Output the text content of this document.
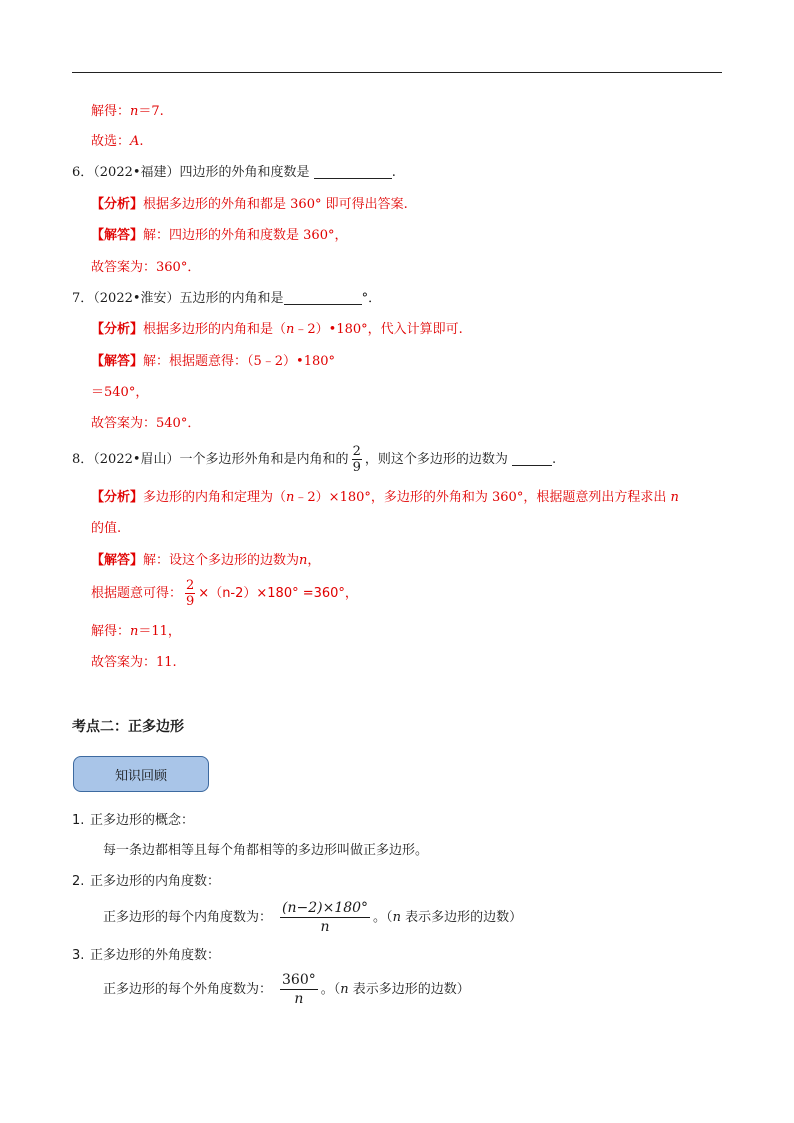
解得：n＝7.
故选：A.
6．（2022•福建）四边形的外角和度数是	.
【分析】根据多边形的外角和都是 360° 即可得出答案.
【解答】解：四边形的外角和度数是 360°，
故答案为：360°．
7．（2022•淮安）五边形的内角和是	°．
【分析】根据多边形的内角和是（n﹣2）•180°，代入计算即可.
【解答】解：根据题意得：（5﹣2）•180°
＝540°，
故答案为：540°．
8．（2022•眉山）一个多边形外角和是内角和的 $\frac{2}{9}$ ，则这个多边形的边数为	.
【分析】多边形的内角和定理为（n﹣2）×180°，多边形的外角和为 360°，根据题意列出方程求出 n
的值.
【解答】解：设这个多边形的边数为n，
根据题意可得： $\frac{2}{9} \times(n-2)\times 180^\circ =360^\circ$，
解得：n＝11，
故答案为：11.
考点二：正多边形
知识回顾
1. 正多边形的概念：
每一条边都相等且每个角都相等的多边形叫做正多边形。
2. 正多边形的内角度数：
正多边形的每个内角度数为： $\frac{(n-2)\times 180^\circ}{n}$ 。（n 表示多边形的边数）
3. 正多边形的外角度数：
正多边形的每个外角度数为： $\frac{360^\circ}{n}$ 。（n 表示多边形的边数）
